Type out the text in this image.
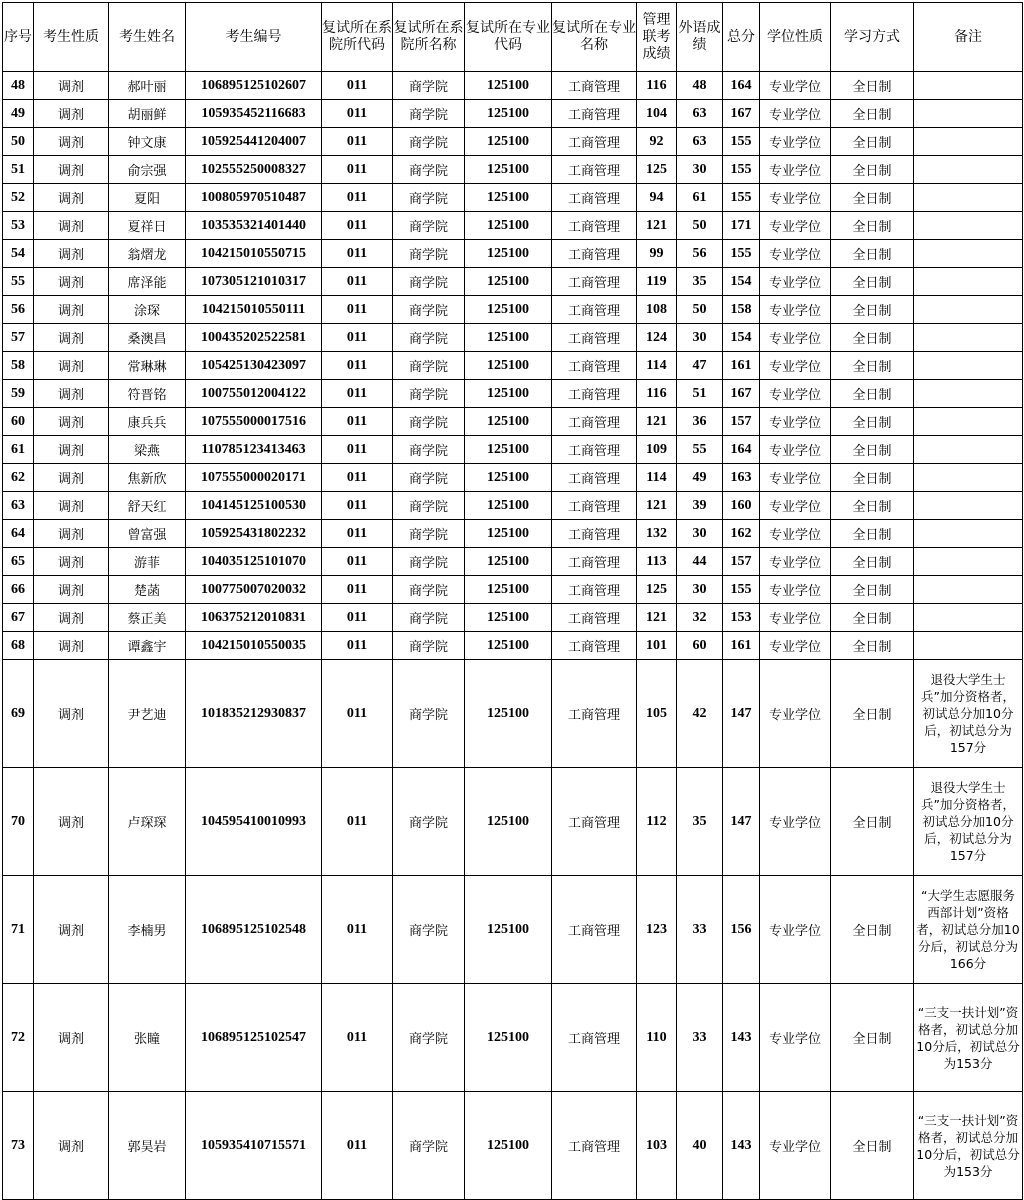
序号	考生性质	考生姓名	考生编号	复试所在系院所代码	复试所在系院所名称	复试所在专业代码	复试所在专业名称	管理联考成绩	外语成绩	总分	学位性质	学习方式	备注
48	调剂	郝叶丽	106895125102607	011	商学院	125100	工商管理	116	48	164	专业学位	全日制	
49	调剂	胡丽鲜	105935452116683	011	商学院	125100	工商管理	104	63	167	专业学位	全日制	
50	调剂	钟文康	105925441204007	011	商学院	125100	工商管理	92	63	155	专业学位	全日制	
51	调剂	俞宗强	102555250008327	011	商学院	125100	工商管理	125	30	155	专业学位	全日制	
52	调剂	夏阳	100805970510487	011	商学院	125100	工商管理	94	61	155	专业学位	全日制	
53	调剂	夏祥日	103535321401440	011	商学院	125100	工商管理	121	50	171	专业学位	全日制	
54	调剂	翁熠龙	104215010550715	011	商学院	125100	工商管理	99	56	155	专业学位	全日制	
55	调剂	席泽能	107305121010317	011	商学院	125100	工商管理	119	35	154	专业学位	全日制	
56	调剂	涂琛	104215010550111	011	商学院	125100	工商管理	108	50	158	专业学位	全日制	
57	调剂	桑澳昌	100435202522581	011	商学院	125100	工商管理	124	30	154	专业学位	全日制	
58	调剂	常琳琳	105425130423097	011	商学院	125100	工商管理	114	47	161	专业学位	全日制	
59	调剂	符晋铭	100755012004122	011	商学院	125100	工商管理	116	51	167	专业学位	全日制	
60	调剂	康兵兵	107555000017516	011	商学院	125100	工商管理	121	36	157	专业学位	全日制	
61	调剂	梁燕	110785123413463	011	商学院	125100	工商管理	109	55	164	专业学位	全日制	
62	调剂	焦新欣	107555000020171	011	商学院	125100	工商管理	114	49	163	专业学位	全日制	
63	调剂	舒天红	104145125100530	011	商学院	125100	工商管理	121	39	160	专业学位	全日制	
64	调剂	曾富强	105925431802232	011	商学院	125100	工商管理	132	30	162	专业学位	全日制	
65	调剂	游菲	104035125101070	011	商学院	125100	工商管理	113	44	157	专业学位	全日制	
66	调剂	楚菡	100775007020032	011	商学院	125100	工商管理	125	30	155	专业学位	全日制	
67	调剂	蔡正美	106375212010831	011	商学院	125100	工商管理	121	32	153	专业学位	全日制	
68	调剂	谭鑫宇	104215010550035	011	商学院	125100	工商管理	101	60	161	专业学位	全日制	
69	调剂	尹艺迪	101835212930837	011	商学院	125100	工商管理	105	42	147	专业学位	全日制	退役大学生士兵”加分资格者，初试总分加10分后，初试总分为157分
70	调剂	卢琛琛	104595410010993	011	商学院	125100	工商管理	112	35	147	专业学位	全日制	退役大学生士兵”加分资格者，初试总分加10分后，初试总分为157分
71	调剂	李楠男	106895125102548	011	商学院	125100	工商管理	123	33	156	专业学位	全日制	“大学生志愿服务西部计划”资格者，初试总分加10分后，初试总分为166分
72	调剂	张瞳	106895125102547	011	商学院	125100	工商管理	110	33	143	专业学位	全日制	“三支一扶计划”资格者，初试总分加10分后，初试总分为153分
73	调剂	郭昊岩	105935410715571	011	商学院	125100	工商管理	103	40	143	专业学位	全日制	“三支一扶计划”资格者，初试总分加10分后，初试总分为153分
